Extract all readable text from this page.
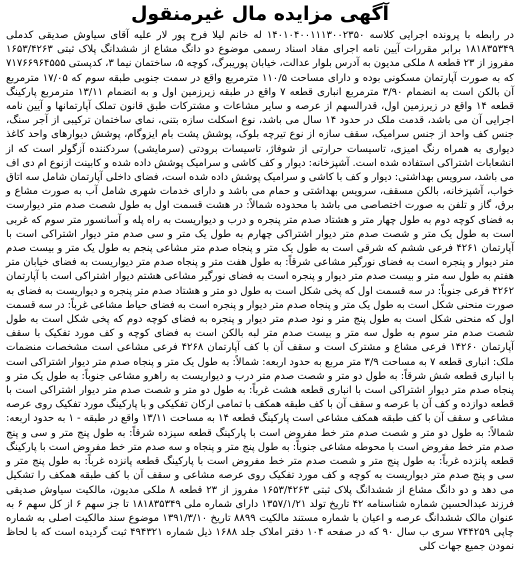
آگهی مزایده مال غیرمنقول
در رابطه با پرونده اجرایی کلاسه ۱۴۰۱۰۴۰۰۱۱۱۳۰۰۲۳۵۰ له خانم لیلا فرح پور لار علیه آقای سیاوش صدیقی کدملی ۱۸۱۸۳۵۳۴۹ برابر مقررات آیین نامه اجرای مفاد اسناد رسمی موضوع دو دانگ مشاع از ششدانگ پلاک ثبتی ۱۶۵۳/۴۲۶۳ مفروز از ۲۳ قطعه ۸ ملکی مدیون به آدرس بلوار عدالت، خیابان پوریبرگ، کوچه ۵، ساختمان نیما ۳، کدپستی ۷۱۷۶۶۹۶۴۵۵۵ که به صورت آپارتمان مسکونی بوده و دارای مساحت ۱۱۰/۵ مترمربع واقع در سمت جنوبی طبقه سوم که ۱۷/۰۵ مترمربع آن بالکن است به انضمام ۳/۹۰ مترمربع انباری قطعه ۷ واقع در طبقه زیرزمین اول و به انضمام ۱۳/۱۱ مترمربع پارکینگ قطعه ۱۴ واقع در زیرزمین اول، قدرالسهم از عرصه و سایر مشاعات و مشترکات طبق قانون تملک آپارتمانها و آیین نامه اجرایی آن می باشد، قدمت ملک در حدود ۱۴ سال می باشد، نوع اسکلت سازه بتنی، نمای ساختمان ترکیبی از آجر سنگ، جنس کف واحد از جنس سرامیک، سقف سازه از نوع تیرچه بلوک، پوشش پشت بام ایزوگام، پوشش دیوارهای واحد کاغذ دیواری به همراه رنگ امیزی، تاسیسات حرارتی از شوفاژ، تاسیسات برودتی (سرمایشی) سردکننده آزگولر است که از انشعابات اشتراکی استفاده شده است. آشپزخانه: دیوار و کف کاشی و سرامیک پوشش داده شده و کابینت ازنوع ام دی اف می باشد، سرویس بهداشتی: دیوار و کف با کاشی و سرامیک پوشش داده شده است، فضای داخلی آپارتمان شامل سه اتاق خواب، آشپزخانه، بالکن مسقف، سرویس بهداشتی و حمام می باشد و دارای خدمات شهری شامل آب به صورت مشاع و برق، گاز و تلفن به صورت اختصاصی می باشد با محدوده شمالاً: در هشت قسمت اول به طول شصت صدم متر دیوارست به فضای کوچه دوم به طول چهار متر و هشتاد صدم متر پنجره و درب و دیواریست به راه پله و آسانسور متر سوم که غربی است به طول یک متر و شصت صدم متر دیوار اشتراکی چهارم به طول یک متر و سی صدم متر دیوار اشتراکی است با آپارتمان ۴۲۶۱ فرعی ششم که شرقی است به طول یک متر و پنجاه صدم متر مشاعی پنجم به طول یک متر و بیست صدم متر دیوار و پنجره است به فضای نورگیر مشاعی شرقاً: به طول هفت متر و پنجاه صدم متر دیواریست به فضای خیابان متر هفتم به طول سه متر و بیست صدم متر دیوار و پنجره است به فضای نورگیر مشاعی هشتم دیوار اشتراکی است با آپارتمان ۴۲۶۲ فرعی جنوباً: در سه قسمت اول که پخی شکل است به طول دو متر و هشتاد صدم متر پنجره و دیواریست به فضای به صورت منحنی شکل است به طول یک متر و پنجاه صدم متر دیوار و پنجره است به فضای حیاط مشاعی غرباً: در سه قسمت اول که منحنی شکل است به طول پنج متر و نود صدم متر دیوار و پنجره به فضای کوچه دوم که پخی شکل است به طول شصت صدم متر سوم به طول سه متر و بیست صدم متر لبه بالکن است به فضای کوچه و کف مورد تفکیک با سقف آپارتمان ۱۴۲۶۰ فرعی مشاع و مشترک است و سقف آن با کف آپارتمان ۴۲۶۸ فرعی مشاعی است مشخصات منضمات ملک: انباری قطعه ۷ به مساحت ۳/۹ متر مربع به حدود اربعه: شمالاً: به طول یک متر و پنجاه صدم متر دیوار اشتراکی است با انباری قطعه شش شرقاً: به طول دو متر و شصت صدم متر درب و دیواریست به راهرو مشاعی جنوباً: به طول یک متر و پنجاه صدم متر دیوار اشتراکی است با انباری قطعه هشت غرباً: به طول دو متر و شصت صدم متر دیوار اشتراکی است با قطعه دوازده و کف آن با عرصه و سقف آن با کف طبقه همکف با تمامی ارکان تفکیکی و با پارکینگ مورد تفکیک روی عرصه مشاعی و سقف آن با کف طبقه همکف مشاعی است پارکینگ قطعه ۱۴ به مساحت ۱۳/۱۱ واقع در طبقه - ۱ به حدود اربعه: شمالاً: به طول دو متر و شصت صدم متر خط مفروض است با پارکینگ قطعه سیزده شرقاً: به طول پنج متر و سی و پنج صدم متر خط مفروض است با محوطه مشاعی جنوباً: به طول پنج متر و پنجاه و سه صدم متر خط مفروض است با پارکینگ قطعه پانزده غرباً: به طول پنج متر و شصت صدم متر خط مفروض است با پارکینگ قطعه پانزده غرباً: به طول پنج متر و سی و پنج صدم متر دیواریست به کوچه و کف مورد تفکیک روی عرصه مشاعی و سقف آن با کف طبقه همکف را تشکیل می دهد و دو دانگ مشاع از ششدانگ پلاک ثبتی ۱۶۵۳/۴۲۶۳ مفروز از ۲۳ قطعه ۸ ملکی مدیون، مالکیت سیاوش صدیقی فرزند عبدالحسین شماره شناسنامه ۴۲ تاریخ تولد ۱۳۵۷/۱/۲۱ دارای شماره ملی ۱۸۱۸۳۵۳۴۹ تا جز سهم ۶ از کل سهم ۶ به عنوان مالک ششدانگ عرصه و اعیان با شماره مستند مالکیت ۸۸۹۹ تاریخ ۱۳۹۱/۳/۱۰ موضوع سند مالکیت اصلی به شماره چاپی ۷۴۴۲۵۹ سری ب سال ۹۰ که در صفحه ۱۰۴ دفتر املاک جلد ۱۶۸۸ ذیل شماره ۴۹۴۳۲۱ ثبت گردیده است که با لحاظ نمودن جمیع جهات کلی
